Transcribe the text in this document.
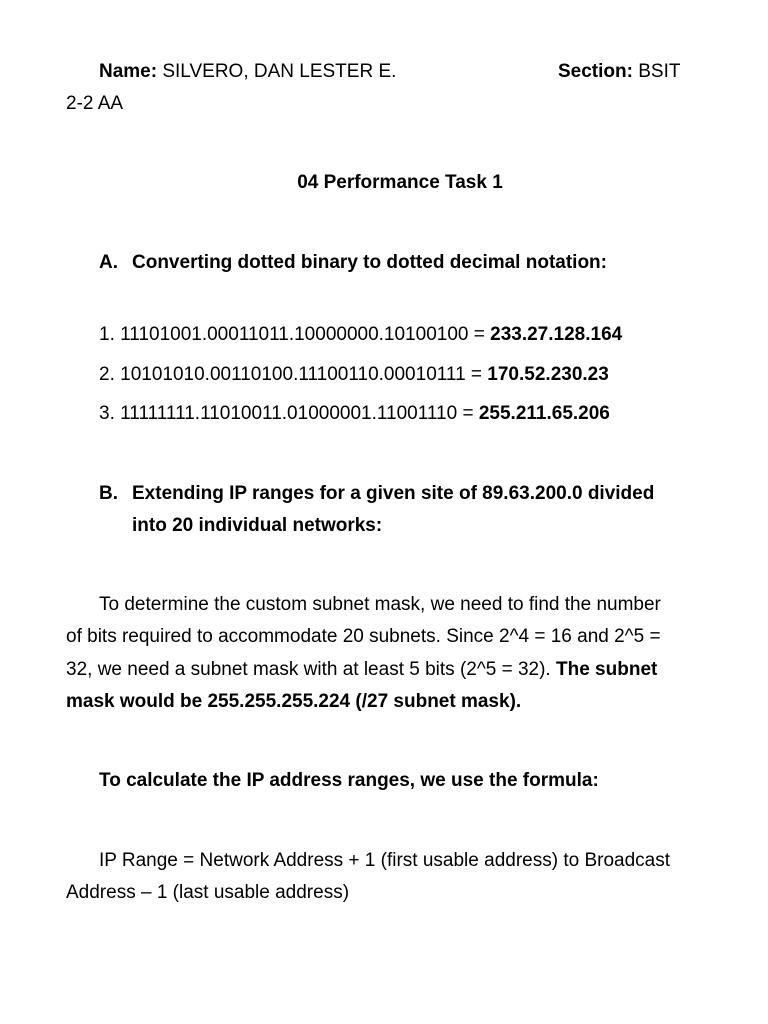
Name: SILVERO, DAN LESTER E.	Section: BSIT
2-2 AA
04 Performance Task 1
A. Converting dotted binary to dotted decimal notation:
1. 11101001.00011011.10000000.10100100 = 233.27.128.164
2. 10101010.00110100.11100110.00010111 = 170.52.230.23
3. 11111111.11010011.01000001.11001110 = 255.211.65.206
B. Extending IP ranges for a given site of 89.63.200.0 divided
into 20 individual networks:
To determine the custom subnet mask, we need to find the number
of bits required to accommodate 20 subnets. Since 2^4 = 16 and 2^5 =
32, we need a subnet mask with at least 5 bits (2^5 = 32). The subnet
mask would be 255.255.255.224 (/27 subnet mask).
To calculate the IP address ranges, we use the formula:
IP Range = Network Address + 1 (first usable address) to Broadcast
Address – 1 (last usable address)
